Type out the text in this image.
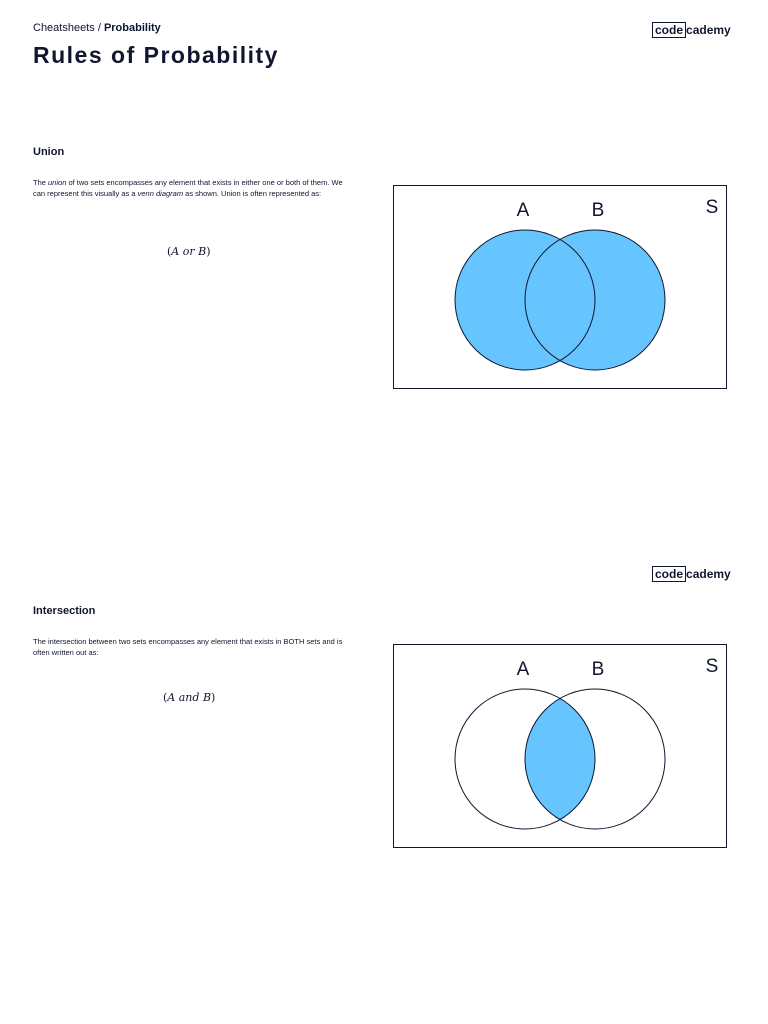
Cheatsheets / Probability
Rules of Probability
code cademy
Union

The union of two sets encompasses any element that exists in either one or both of them. We can represent this visually as a venn diagram as shown. Union is often represented as:

(A or B)
A	B	S
code cademy
Intersection

The intersection between two sets encompasses any element that exists in BOTH sets and is often written out as:

(A and B)
A	B	S
